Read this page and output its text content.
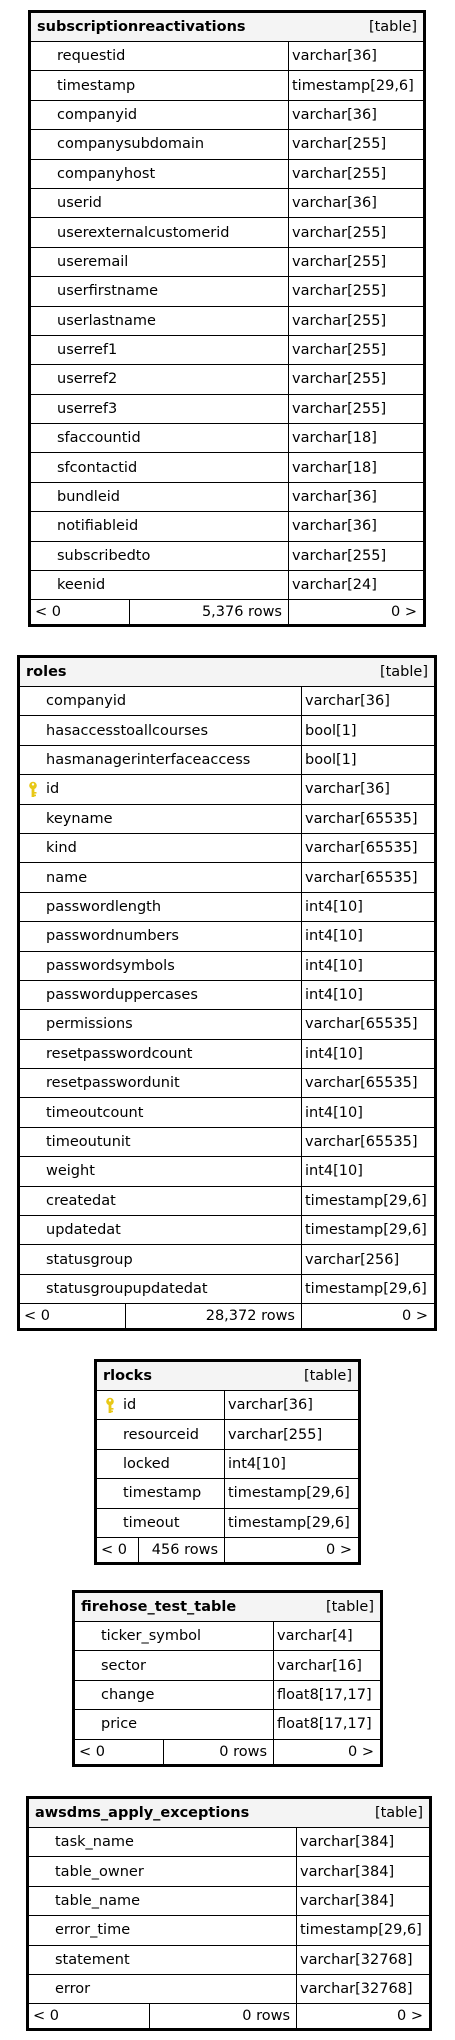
subscriptionreactivations	[table]
requestid	varchar[36]
timestamp	timestamp[29,6]
companyid	varchar[36]
companysubdomain	varchar[255]
companyhost	varchar[255]
userid	varchar[36]
userexternalcustomerid	varchar[255]
useremail	varchar[255]
userfirstname	varchar[255]
userlastname	varchar[255]
userref1	varchar[255]
userref2	varchar[255]
userref3	varchar[255]
sfaccountid	varchar[18]
sfcontactid	varchar[18]
bundleid	varchar[36]
notifiableid	varchar[36]
subscribedto	varchar[255]
keenid	varchar[24]
< 0	5,376 rows	0 >
roles	[table]
companyid	varchar[36]
hasaccesstoallcourses	bool[1]
hasmanagerinterfaceaccess	bool[1]
id	varchar[36]
keyname	varchar[65535]
kind	varchar[65535]
name	varchar[65535]
passwordlength	int4[10]
passwordnumbers	int4[10]
passwordsymbols	int4[10]
passworduppercases	int4[10]
permissions	varchar[65535]
resetpasswordcount	int4[10]
resetpasswordunit	varchar[65535]
timeoutcount	int4[10]
timeoutunit	varchar[65535]
weight	int4[10]
createdat	timestamp[29,6]
updatedat	timestamp[29,6]
statusgroup	varchar[256]
statusgroupupdatedat	timestamp[29,6]
< 0	28,372 rows	0 >
rlocks	[table]
id	varchar[36]
resourceid varchar[255]
locked	int4[10]
timestamp timestamp[29,6]
timeout	timestamp[29,6]
< 0	456 rows	0 >
firehose_test_table	[table]
ticker_symbol	varchar[4]
sector	varchar[16]
change	float8[17,17]
price	float8[17,17]
< 0	0 rows	0 >
awsdms_apply_exceptions	[table]
task_name	varchar[384]
table_owner	varchar[384]
table_name	varchar[384]
error_time	timestamp[29,6]
statement	varchar[32768]
error	varchar[32768]
< 0	0 rows	0 >
